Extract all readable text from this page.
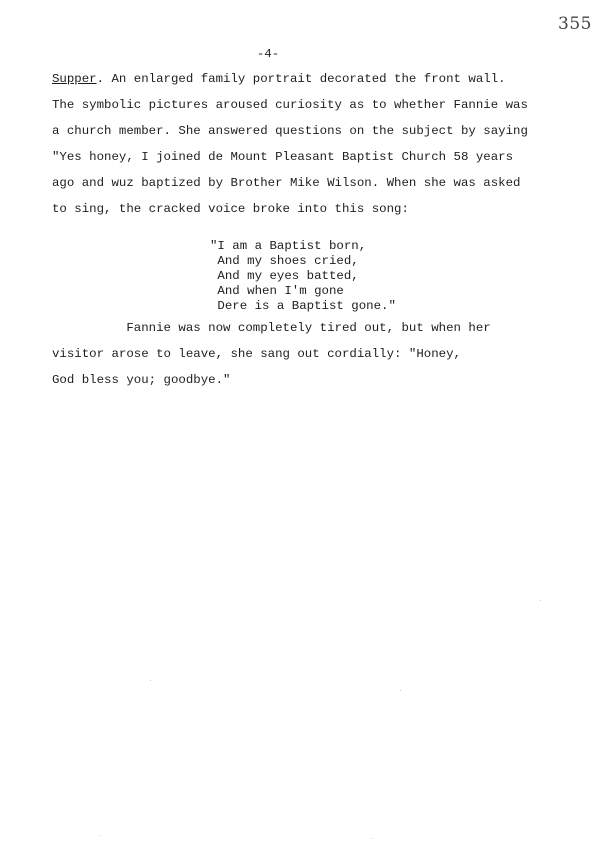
355
-4-
Supper. An enlarged family portrait decorated the front wall.
The symbolic pictures aroused curiosity as to whether Fannie was
a church member. She answered questions on the subject by saying
"Yes honey, I joined de Mount Pleasant Baptist Church 58 years
ago and wuz baptized by Brother Mike Wilson. When she was asked
to sing, the cracked voice broke into this song:
"I am a Baptist born,
And my shoes cried,
And my eyes batted,
And when I'm gone
Dere is a Baptist gone."
Fannie was now completely tired out, but when her
visitor arose to leave, she sang out cordially: "Honey,
God bless you; goodbye."
